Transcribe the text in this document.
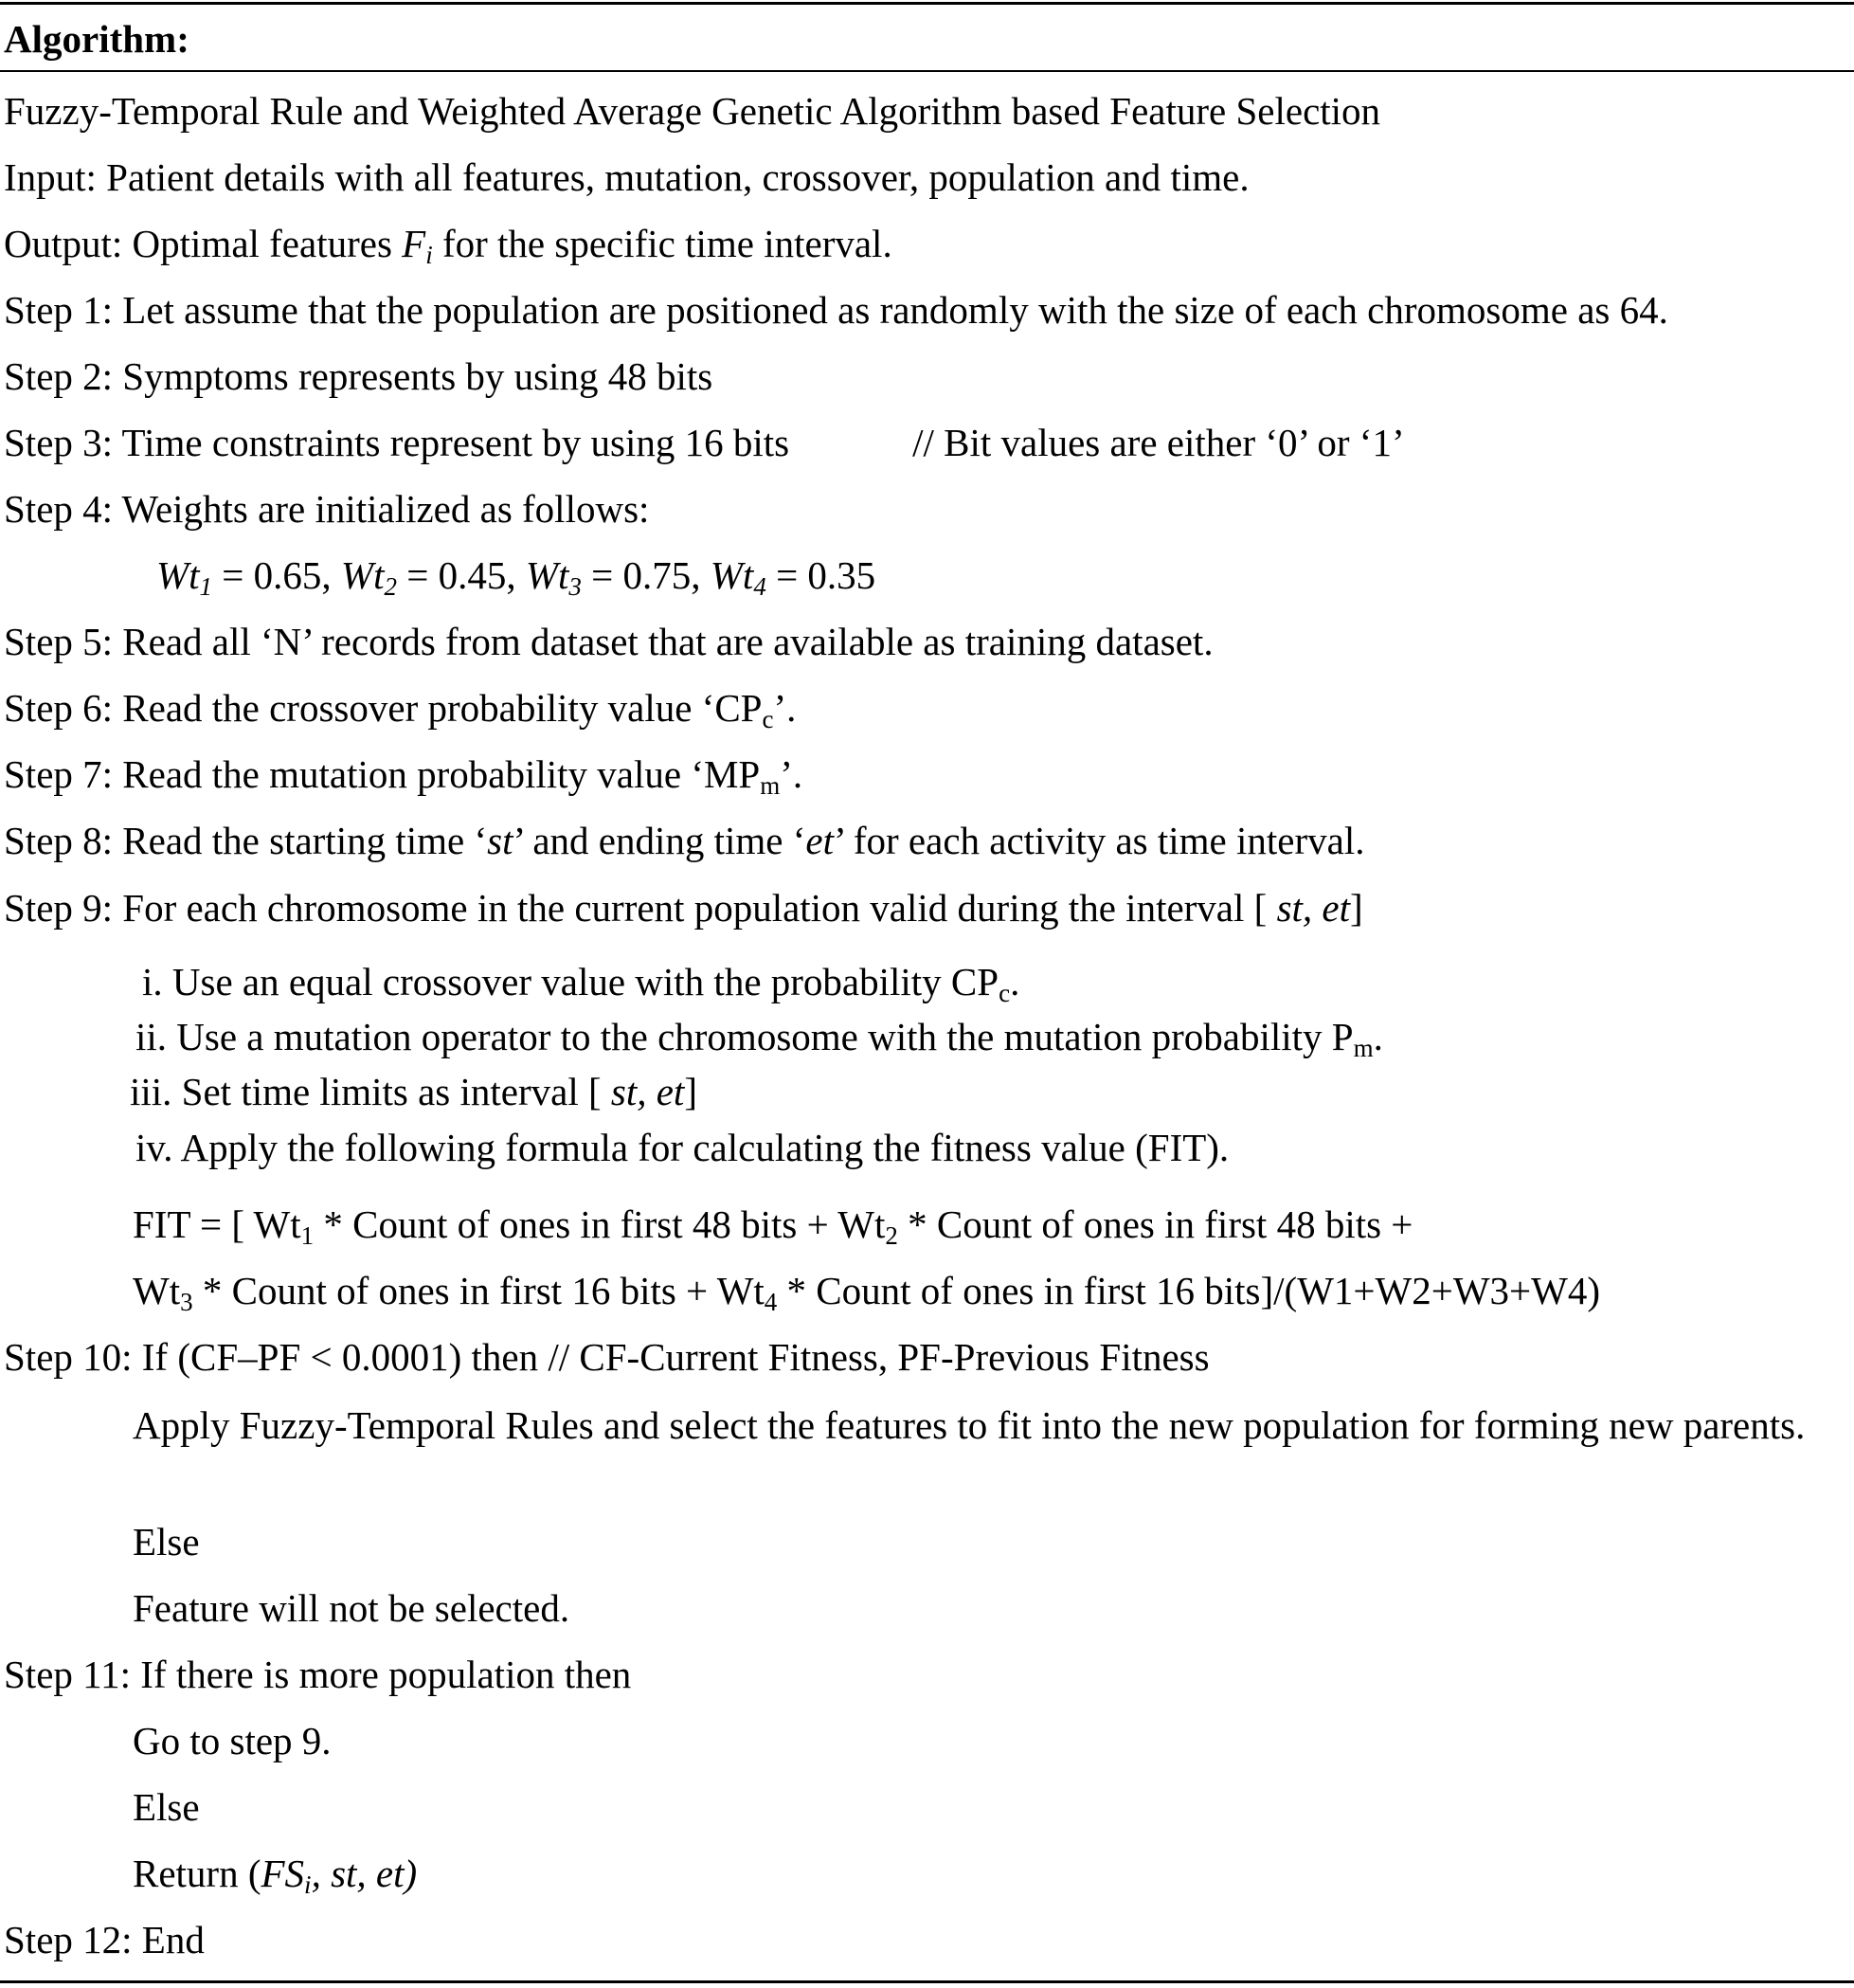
Algorithm:
Fuzzy-Temporal Rule and Weighted Average Genetic Algorithm based Feature Selection
Input: Patient details with all features, mutation, crossover, population and time.
Output: Optimal features $F_i$ for the specific time interval.
Step 1: Let assume that the population are positioned as randomly with the size of each chromosome as 64.
Step 2: Symptoms represents by using 48 bits
Step 3: Time constraints represent by using 16 bits	// Bit values are either ‘0’ or ‘1’
Step 4: Weights are initialized as follows:
$Wt_1 = 0.65$, $Wt_2 = 0.45$, $Wt_3 = 0.75$, $Wt_4 = 0.35$
Step 5: Read all ‘N’ records from dataset that are available as training dataset.
Step 6: Read the crossover probability value ‘$CP_c$’.
Step 7: Read the mutation probability value ‘$MP_m$’.
Step 8: Read the starting time ‘st’ and ending time ‘et’ for each activity as time interval.
Step 9: For each chromosome in the current population valid during the interval [ st, et]
i. Use an equal crossover value with the probability $CP_c$.
ii. Use a mutation operator to the chromosome with the mutation probability $P_m$.
iii. Set time limits as interval [ st, et]
iv. Apply the following formula for calculating the fitness value (FIT).
FIT = [ $Wt_1$ * Count of ones in first 48 bits + $Wt_2$ * Count of ones in first 48 bits +
$Wt_3$ * Count of ones in first 16 bits + $Wt_4$ * Count of ones in first 16 bits]/(W1+W2+W3+W4)
Step 10: If (CF–PF < 0.0001) then // CF-Current Fitness, PF-Previous Fitness
Apply Fuzzy-Temporal Rules and select the features to fit into the new population for forming new parents.
Else
Feature will not be selected.
Step 11: If there is more population then
Go to step 9.
Else
Return ($FS_i$, st, et)
Step 12: End
